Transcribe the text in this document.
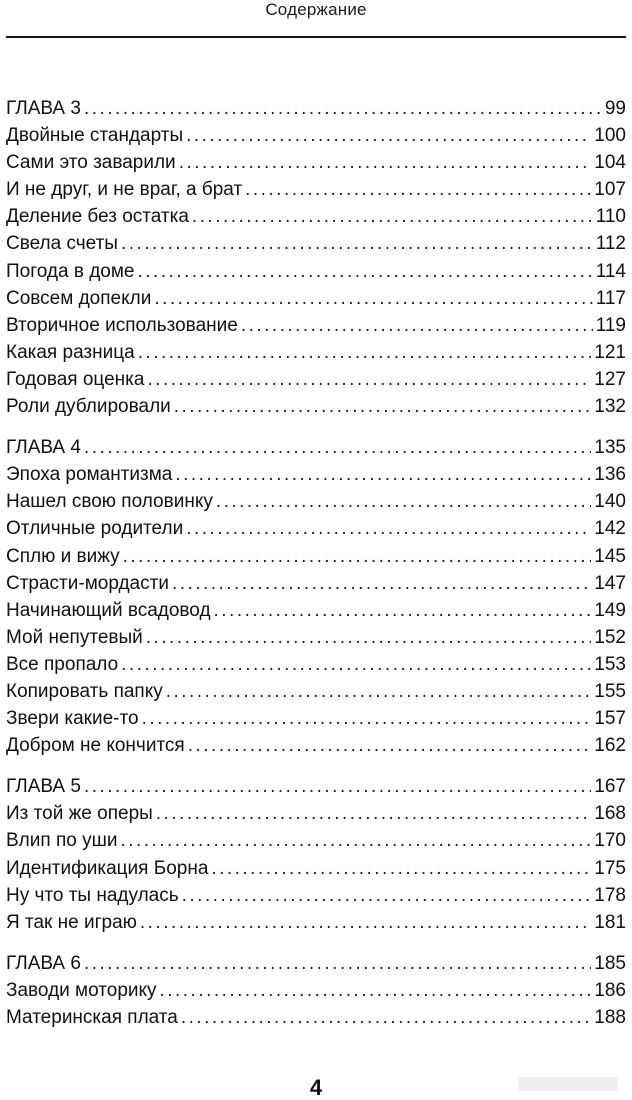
Содержание
ГЛАВА 3 . . .	99
Двойные стандарты . . .	100
Сами это заварили . . .	104
И не друг, и не враг, а брат . . .	107
Деление без остатка . . .	110
Свела счеты . . .	112
Погода в доме . . .	114
Совсем допекли . . .	117
Вторичное использование . . .	119
Какая разница . . .	121
Годовая оценка . . .	127
Роли дублировали . . .	132
ГЛАВА 4 . . .	135
Эпоха романтизма . . .	136
Нашел свою половинку . . .	140
Отличные родители . . .	142
Сплю и вижу . . .	145
Страсти-мордасти . . .	147
Начинающий всадовод . . .	149
Мой непутевый . . .	152
Все пропало . . .	153
Копировать папку . . .	155
Звери какие-то . . .	157
Добром не кончится . . .	162
ГЛАВА 5 . . .	167
Из той же оперы . . .	168
Влип по уши . . .	170
Идентификация Борна . . .	175
Ну что ты надулась . . .	178
Я так не играю . . .	181
ГЛАВА 6 . . .	185
Заводи моторику . . .	186
Материнская плата . . .	188
4
